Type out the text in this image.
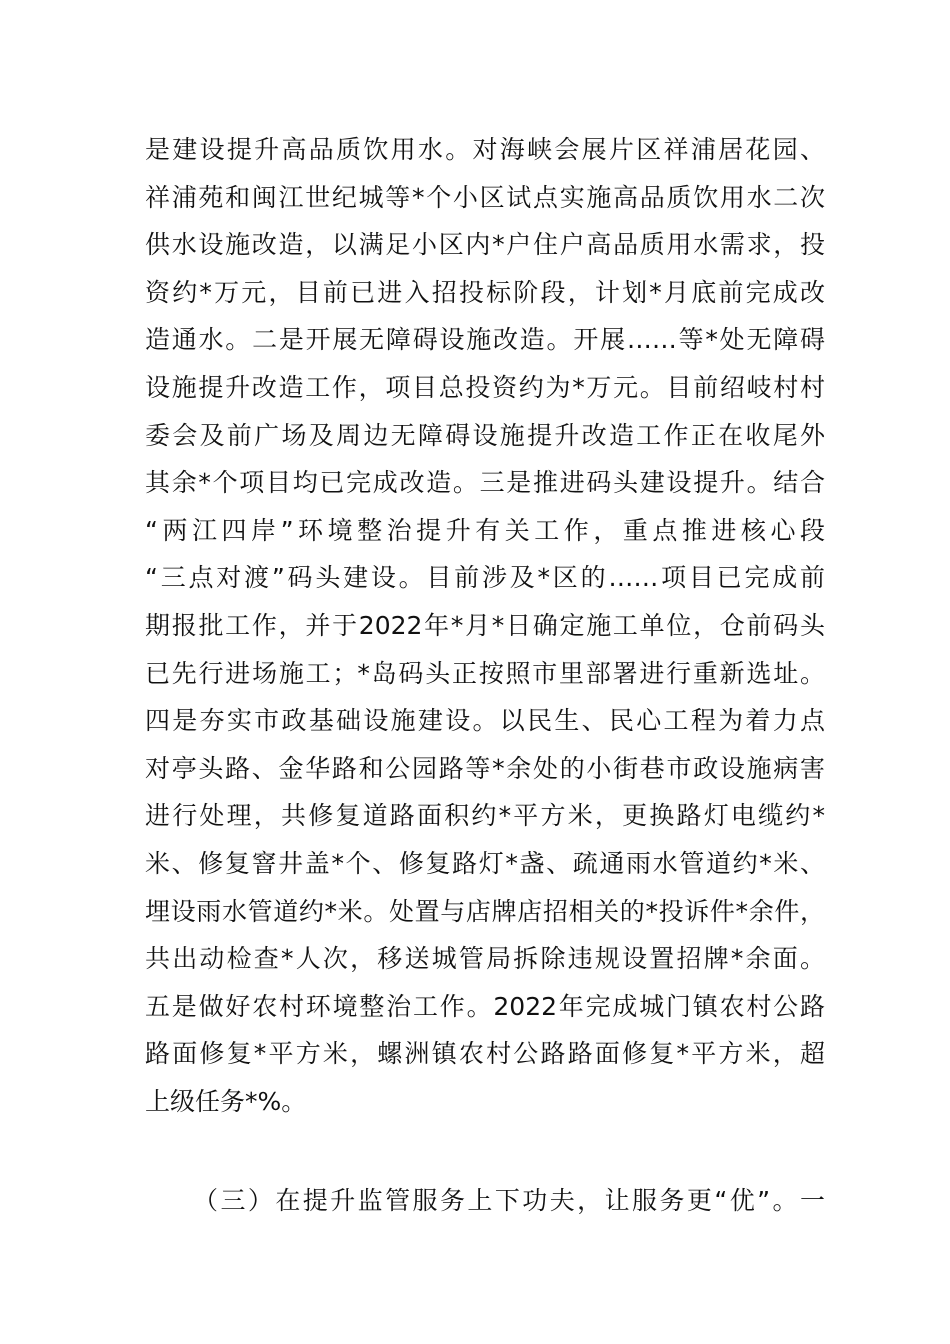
是建设提升高品质饮用水。对海峡会展片区祥浦居花园、
祥浦苑和闽江世纪城等*个小区试点实施高品质饮用水二次
供水设施改造，以满足小区内*户住户高品质用水需求，投
资约*万元，目前已进入招投标阶段，计划*月底前完成改
造通水。二是开展无障碍设施改造。开展……等*处无障碍
设施提升改造工作，项目总投资约为*万元。目前绍岐村村
委会及前广场及周边无障碍设施提升改造工作正在收尾外
其余*个项目均已完成改造。三是推进码头建设提升。结合
“两江四岸”环境整治提升有关工作，重点推进核心段
“三点对渡”码头建设。目前涉及*区的……项目已完成前
期报批工作，并于2022年*月*日确定施工单位，仓前码头
已先行进场施工；*岛码头正按照市里部署进行重新选址。
四是夯实市政基础设施建设。以民生、民心工程为着力点
对亭头路、金华路和公园路等*余处的小街巷市政设施病害
进行处理，共修复道路面积约*平方米，更换路灯电缆约*
米、修复窨井盖*个、修复路灯*盏、疏通雨水管道约*米、
埋设雨水管道约*米。处置与店牌店招相关的*投诉件*余件，
共出动检查*人次，移送城管局拆除违规设置招牌*余面。
五是做好农村环境整治工作。2022年完成城门镇农村公路
路面修复*平方米，螺洲镇农村公路路面修复*平方米，超
上级任务*%。
（三）在提升监管服务上下功夫，让服务更“优”。一
